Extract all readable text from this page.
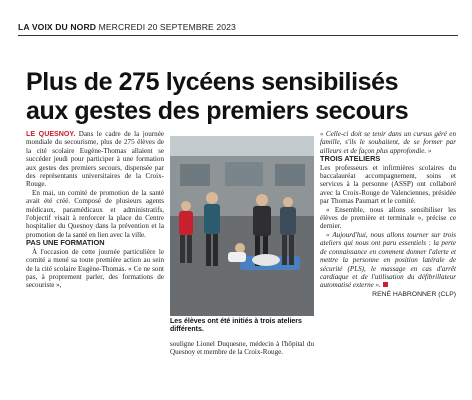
LA VOIX DU NORD MERCREDI 20 SEPTEMBRE 2023
Plus de 275 lycéens sensibilisés
aux gestes des premiers secours

LE QUESNOY. Dans le cadre de la journée mondiale du secourisme, plus de 275 élèves de la cité scolaire Eugène-Thomas allaient se succéder jeudi pour participer à une formation aux gestes des premiers secours, dispensée par des représentants universitaires de la Croix-Rouge.

En mai, un comité de promotion de la santé avait été créé. Composé de plusieurs agents médicaux, paramédicaux et administratifs, l'objectif visait à renforcer la place du Centre hospitalier du Quesnoy dans la prévention et la promotion de la santé en lien avec la ville.

PAS UNE FORMATION

À l'occasion de cette journée particulière le comité a mené sa toute première action au sein de la cité scolaire Eugène-Thomas. « Ce ne sont pas, à proprement parler, des formations de secouriste »,

Les élèves ont été initiés à trois ateliers différents.

souligne Lionel Duquesne, médecin à l'hôpital du Quesnoy et membre de la Croix-Rouge.

« Celle-ci doit se tenir dans un cursus géré en famille, s'ils le souhaitent, de se former par ailleurs et de façon plus approfondie. »

TROIS ATELIERS

Les professeurs et infirmières scolaires du baccalauréat accompagnement, soins et services à la personne (ASSP) ont collaboré avec la Croix-Rouge de Valenciennes, présidée par Thomas Paumart et le comité.

« Ensemble, nous allons sensibiliser les élèves de première et terminale », précise ce dernier.

« Aujourd'hui, nous allons tourner sur trois ateliers qui nous ont paru essentiels : la perte de connaissance en comment donner l'alerte et mettre la personne en position latérale de sécurité (PLS), le massage en cas d'arrêt cardiaque et de l'utilisation du défibrillateur automatisé externe ».

RENÉ HABRONNER (CLP)
